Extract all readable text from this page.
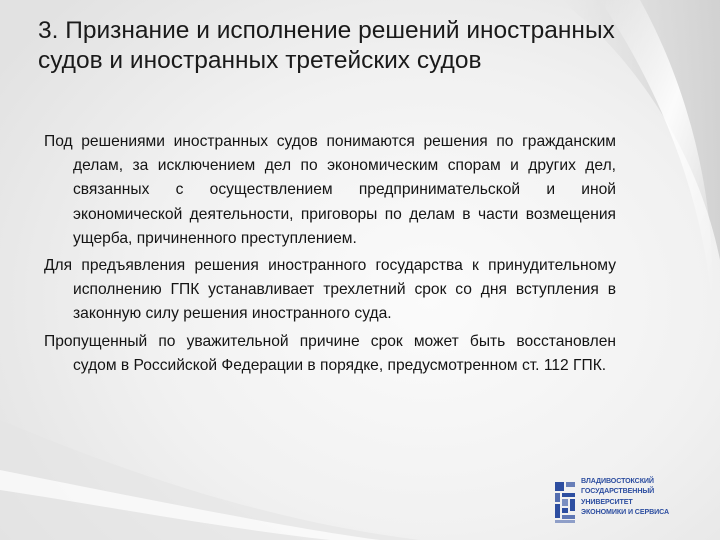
3. Признание и исполнение решений иностранных судов и иностранных третейских судов

Под решениями иностранных судов понимаются решения по гражданским делам, за исключением дел по экономическим спорам и других дел, связанных с осуществлением предпринимательской и иной экономической деятельности, приговоры по делам в части возмещения ущерба, причиненного преступлением.

Для предъявления решения иностранного государства к принудительному исполнению ГПК устанавливает трехлетний срок со дня вступления в законную силу решения иностранного суда.

Пропущенный по уважительной причине срок может быть восстановлен судом в Российской Федерации в порядке, предусмотренном ст. 112 ГПК.

ВЛАДИВОСТОКСКИЙ
ГОСУДАРСТВЕННЫЙ
УНИВЕРСИТЕТ
ЭКОНОМИКИ И СЕРВИСА
